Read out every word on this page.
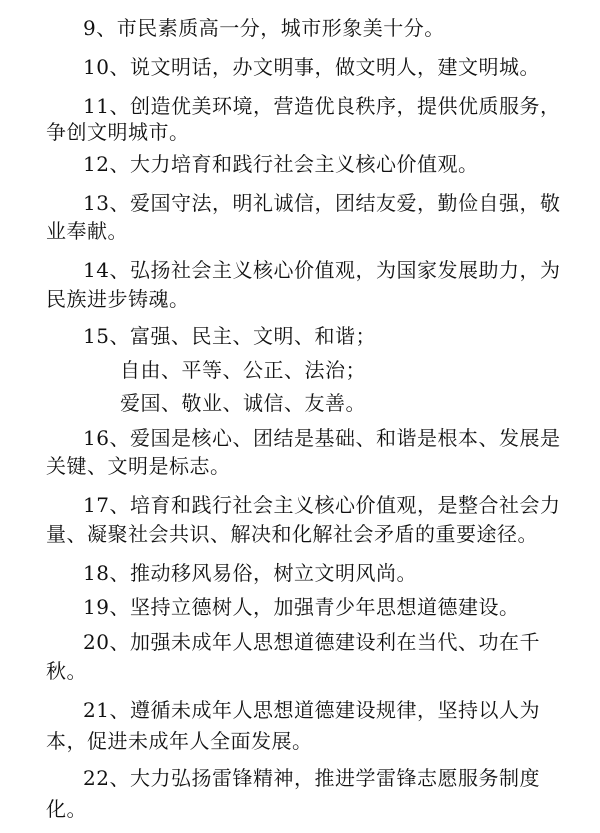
9、市民素质高一分，城市形象美十分。
10、说文明话，办文明事，做文明人，建文明城。
11、创造优美环境，营造优良秩序，提供优质服务，
争创文明城市。
12、大力培育和践行社会主义核心价值观。
13、爱国守法，明礼诚信，团结友爱，勤俭自强，敬
业奉献。
14、弘扬社会主义核心价值观，为国家发展助力，为
民族进步铸魂。
15、富强、民主、文明、和谐；
自由、平等、公正、法治；
爱国、敬业、诚信、友善。
16、爱国是核心、团结是基础、和谐是根本、发展是
关键、文明是标志。
17、培育和践行社会主义核心价值观，是整合社会力
量、凝聚社会共识、解决和化解社会矛盾的重要途径。
18、推动移风易俗，树立文明风尚。
19、坚持立德树人，加强青少年思想道德建设。
20、加强未成年人思想道德建设利在当代、功在千
秋。
21、遵循未成年人思想道德建设规律，坚持以人为
本，促进未成年人全面发展。
22、大力弘扬雷锋精神，推进学雷锋志愿服务制度
化。
